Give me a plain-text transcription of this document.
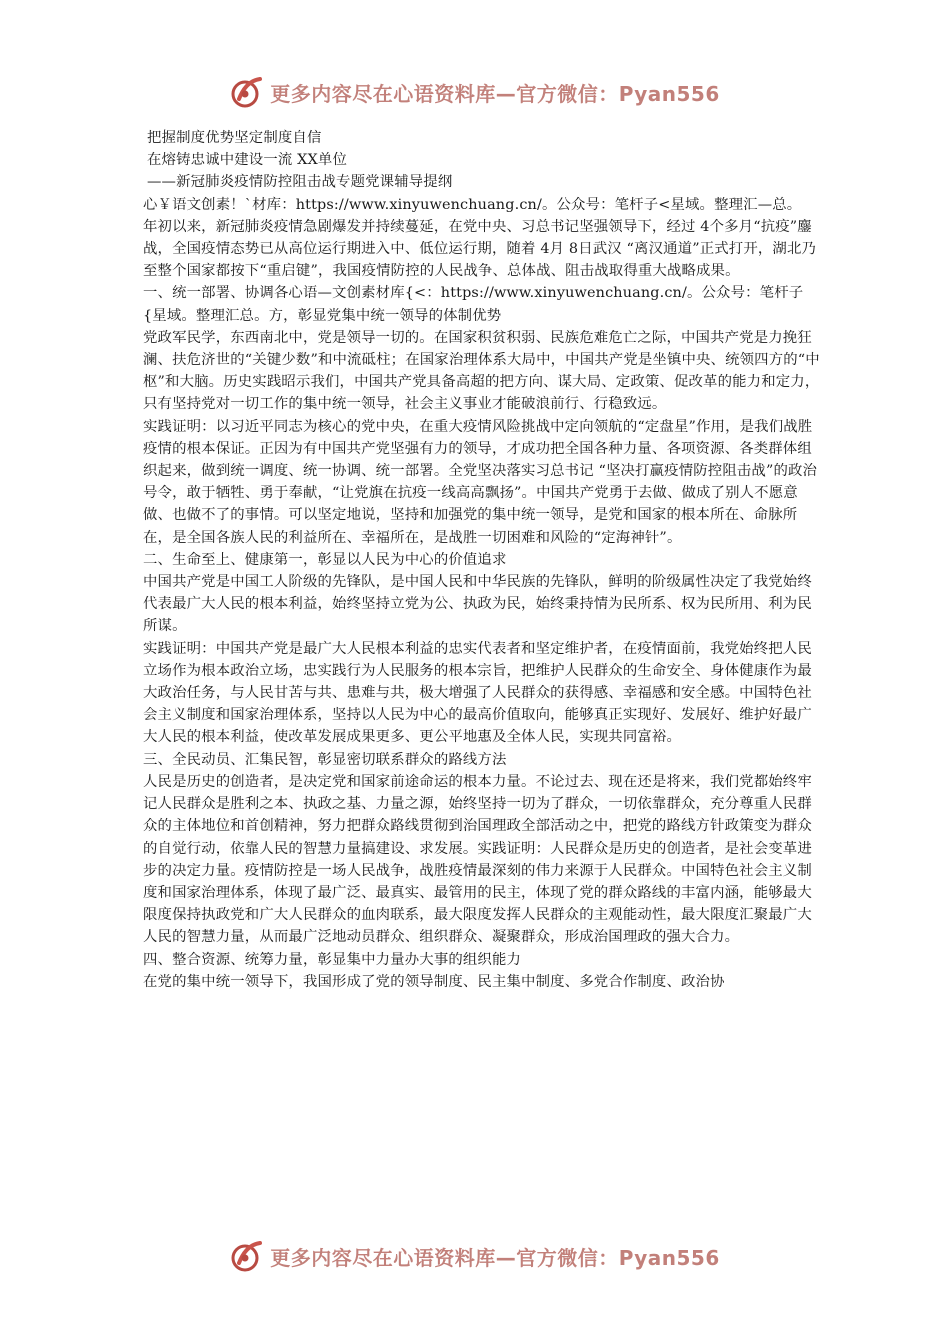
更多内容尽在心语资料库—官方微信：Pyan556

把握制度优势坚定制度自信

在熔铸忠诚中建设一流 XX单位

——新冠肺炎疫情防控阻击战专题党课辅导提纲

心￥语文创素！`材库：https://www.xinyuwenchuang.cn/。公众号：笔杆子<星域。整理汇—总。

年初以来，新冠肺炎疫情急剧爆发并持续蔓延，在党中央、习总书记坚强领导下，经过 4个多月“抗疫”鏖战，全国疫情态势已从高位运行期进入中、低位运行期，随着 4月 8日武汉 “离汉通道”正式打开，湖北乃至整个国家都按下“重启键”，我国疫情防控的人民战争、总体战、阻击战取得重大战略成果。

一、统一部署、协调各心语—文创素材库{<：https://www.xinyuwenchuang.cn/。公众号：笔杆子{星域。整理汇总。方，彰显党集中统一领导的体制优势

党政军民学，东西南北中，党是领导一切的。在国家积贫积弱、民族危难危亡之际，中国共产党是力挽狂澜、扶危济世的“关键少数”和中流砥柱；在国家治理体系大局中，中国共产党是坐镇中央、统领四方的“中枢”和大脑。历史实践昭示我们，中国共产党具备高超的把方向、谋大局、定政策、促改革的能力和定力，只有坚持党对一切工作的集中统一领导，社会主义事业才能破浪前行、行稳致远。

实践证明：以习近平同志为核心的党中央，在重大疫情风险挑战中定向领航的“定盘星”作用，是我们战胜疫情的根本保证。正因为有中国共产党坚强有力的领导，才成功把全国各种力量、各项资源、各类群体组织起来，做到统一调度、统一协调、统一部署。全党坚决落实习总书记 “坚决打赢疫情防控阻击战”的政治号令，敢于牺牲、勇于奉献，“让党旗在抗疫一线高高飘扬”。中国共产党勇于去做、做成了别人不愿意做、也做不了的事情。可以坚定地说，坚持和加强党的集中统一领导，是党和国家的根本所在、命脉所在，是全国各族人民的利益所在、幸福所在，是战胜一切困难和风险的“定海神针”。

二、生命至上、健康第一，彰显以人民为中心的价值追求

中国共产党是中国工人阶级的先锋队，是中国人民和中华民族的先锋队，鲜明的阶级属性决定了我党始终代表最广大人民的根本利益，始终坚持立党为公、执政为民，始终秉持情为民所系、权为民所用、利为民所谋。

实践证明：中国共产党是最广大人民根本利益的忠实代表者和坚定维护者，在疫情面前，我党始终把人民立场作为根本政治立场，忠实践行为人民服务的根本宗旨，把维护人民群众的生命安全、身体健康作为最大政治任务，与人民甘苦与共、患难与共，极大增强了人民群众的获得感、幸福感和安全感。中国特色社会主义制度和国家治理体系，坚持以人民为中心的最高价值取向，能够真正实现好、发展好、维护好最广大人民的根本利益，使改革发展成果更多、更公平地惠及全体人民，实现共同富裕。

三、全民动员、汇集民智，彰显密切联系群众的路线方法

人民是历史的创造者，是决定党和国家前途命运的根本力量。不论过去、现在还是将来，我们党都始终牢记人民群众是胜利之本、执政之基、力量之源，始终坚持一切为了群众，一切依靠群众，充分尊重人民群众的主体地位和首创精神，努力把群众路线贯彻到治国理政全部活动之中，把党的路线方针政策变为群众的自觉行动，依靠人民的智慧力量搞建设、求发展。实践证明：人民群众是历史的创造者，是社会变革进步的决定力量。疫情防控是一场人民战争，战胜疫情最深刻的伟力来源于人民群众。中国特色社会主义制度和国家治理体系，体现了最广泛、最真实、最管用的民主，体现了党的群众路线的丰富内涵，能够最大限度保持执政党和广大人民群众的血肉联系，最大限度发挥人民群众的主观能动性，最大限度汇聚最广大人民的智慧力量，从而最广泛地动员群众、组织群众、凝聚群众，形成治国理政的强大合力。

四、整合资源、统筹力量，彰显集中力量办大事的组织能力

在党的集中统一领导下，我国形成了党的领导制度、民主集中制度、多党合作制度、政治协

更多内容尽在心语资料库—官方微信：Pyan556
